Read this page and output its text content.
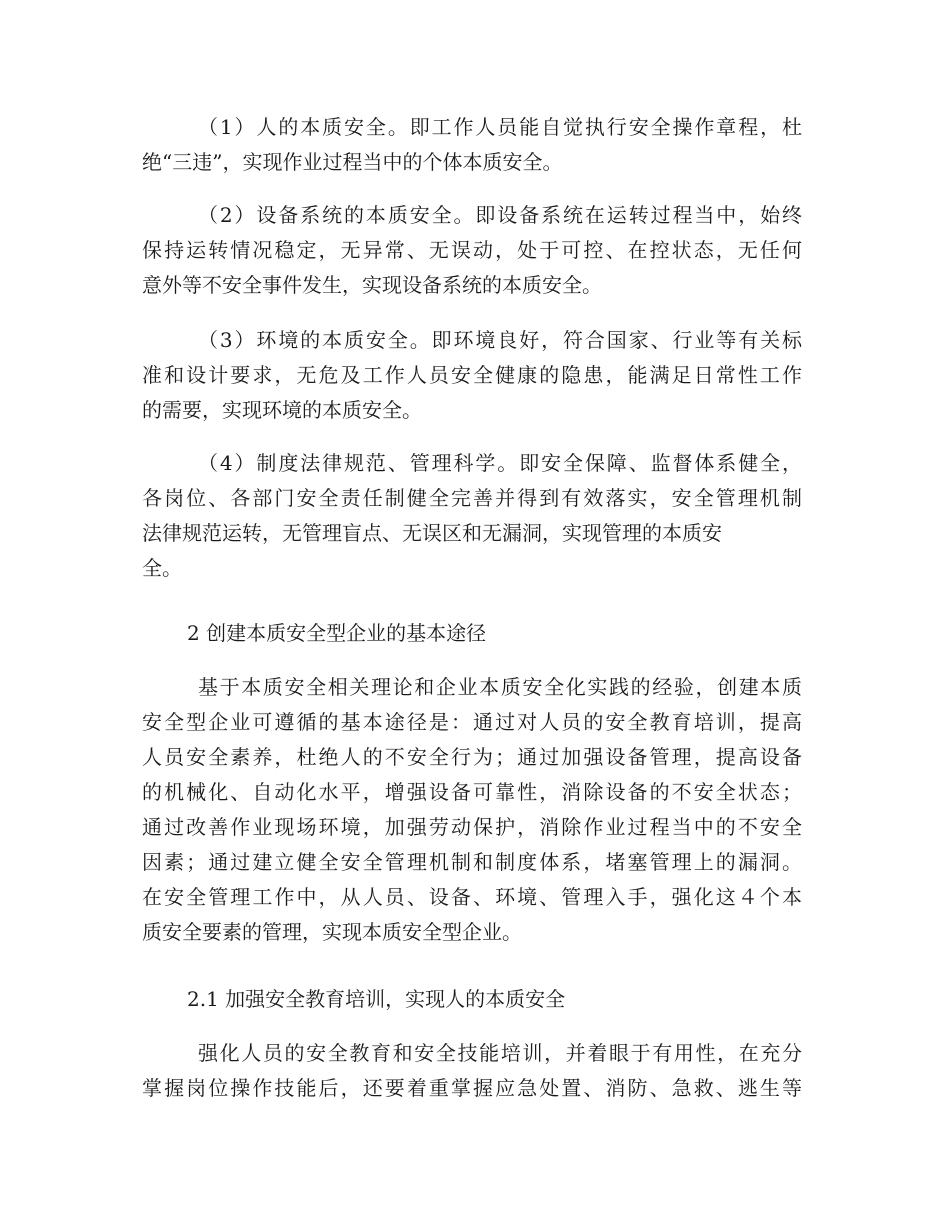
（1）人的本质安全。即工作人员能自觉执行安全操作章程，杜
绝“三违”，实现作业过程当中的个体本质安全。
（2）设备系统的本质安全。即设备系统在运转过程当中，始终
保持运转情况稳定，无异常、无误动，处于可控、在控状态，无任何
意外等不安全事件发生，实现设备系统的本质安全。
（3）环境的本质安全。即环境良好，符合国家、行业等有关标
准和设计要求，无危及工作人员安全健康的隐患，能满足日常性工作
的需要，实现环境的本质安全。
（4）制度法律规范、管理科学。即安全保障、监督体系健全，
各岗位、各部门安全责任制健全完善并得到有效落实，安全管理机制
法律规范运转，无管理盲点、无误区和无漏洞，实现管理的本质安
全。
2 创建本质安全型企业的基本途径
基于本质安全相关理论和企业本质安全化实践的经验，创建本质
安全型企业可遵循的基本途径是：通过对人员的安全教育培训，提高
人员安全素养，杜绝人的不安全行为；通过加强设备管理，提高设备
的机械化、自动化水平，增强设备可靠性，消除设备的不安全状态；
通过改善作业现场环境，加强劳动保护，消除作业过程当中的不安全
因素；通过建立健全安全管理机制和制度体系，堵塞管理上的漏洞。
在安全管理工作中，从人员、设备、环境、管理入手，强化这４个本
质安全要素的管理，实现本质安全型企业。
2.1 加强安全教育培训，实现人的本质安全
强化人员的安全教育和安全技能培训，并着眼于有用性，在充分
掌握岗位操作技能后，还要着重掌握应急处置、消防、急救、逃生等
